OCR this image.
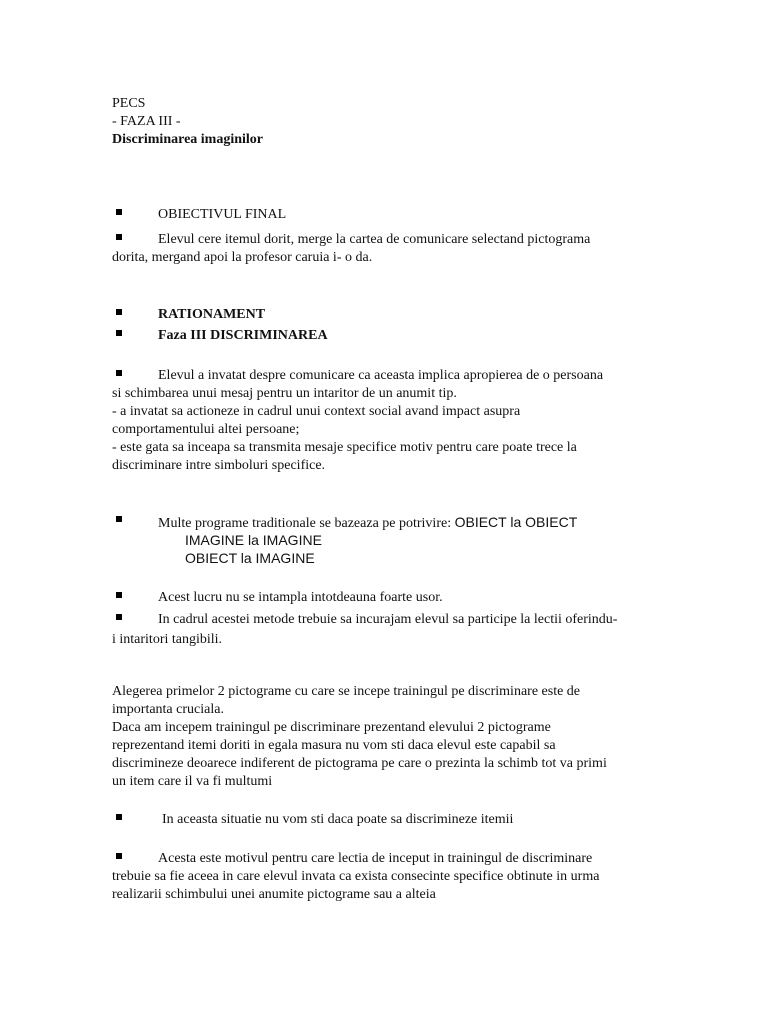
PECS
- FAZA III -
Discriminarea imaginilor
OBIECTIVUL FINAL
Elevul cere itemul dorit, merge la cartea de comunicare selectand pictograma
dorita, mergand apoi la profesor caruia i- o da.
RATIONAMENT
Faza III DISCRIMINAREA
Elevul a invatat despre comunicare ca aceasta implica apropierea de o persoana
si schimbarea unui mesaj pentru un intaritor de un anumit tip.
- a invatat sa actioneze in cadrul unui context social avand impact asupra
comportamentului altei persoane;
- este gata sa inceapa sa transmita mesaje specifice motiv pentru care poate trece la
discriminare intre simboluri specifice.
Multe programe traditionale se bazeaza pe potrivire: OBIECT la OBIECT
IMAGINE la IMAGINE
OBIECT la IMAGINE
Acest lucru nu se intampla intotdeauna foarte usor.
In cadrul acestei metode trebuie sa incurajam elevul sa participe la lectii oferindu-
i intaritori tangibili.
Alegerea primelor 2 pictograme cu care se incepe trainingul pe discriminare este de
importanta cruciala.
Daca am incepem trainingul pe discriminare prezentand elevului 2 pictograme
reprezentand itemi doriti in egala masura nu vom sti daca elevul este capabil sa
discrimineze deoarece indiferent de pictograma pe care o prezinta la schimb tot va primi
un item care il va fi multumi
In aceasta situatie nu vom sti daca poate sa discrimineze itemii
Acesta este motivul pentru care lectia de inceput in trainingul de discriminare
trebuie sa fie aceea in care elevul invata ca exista consecinte specifice obtinute in urma
realizarii schimbului unei anumite pictograme sau a alteia
